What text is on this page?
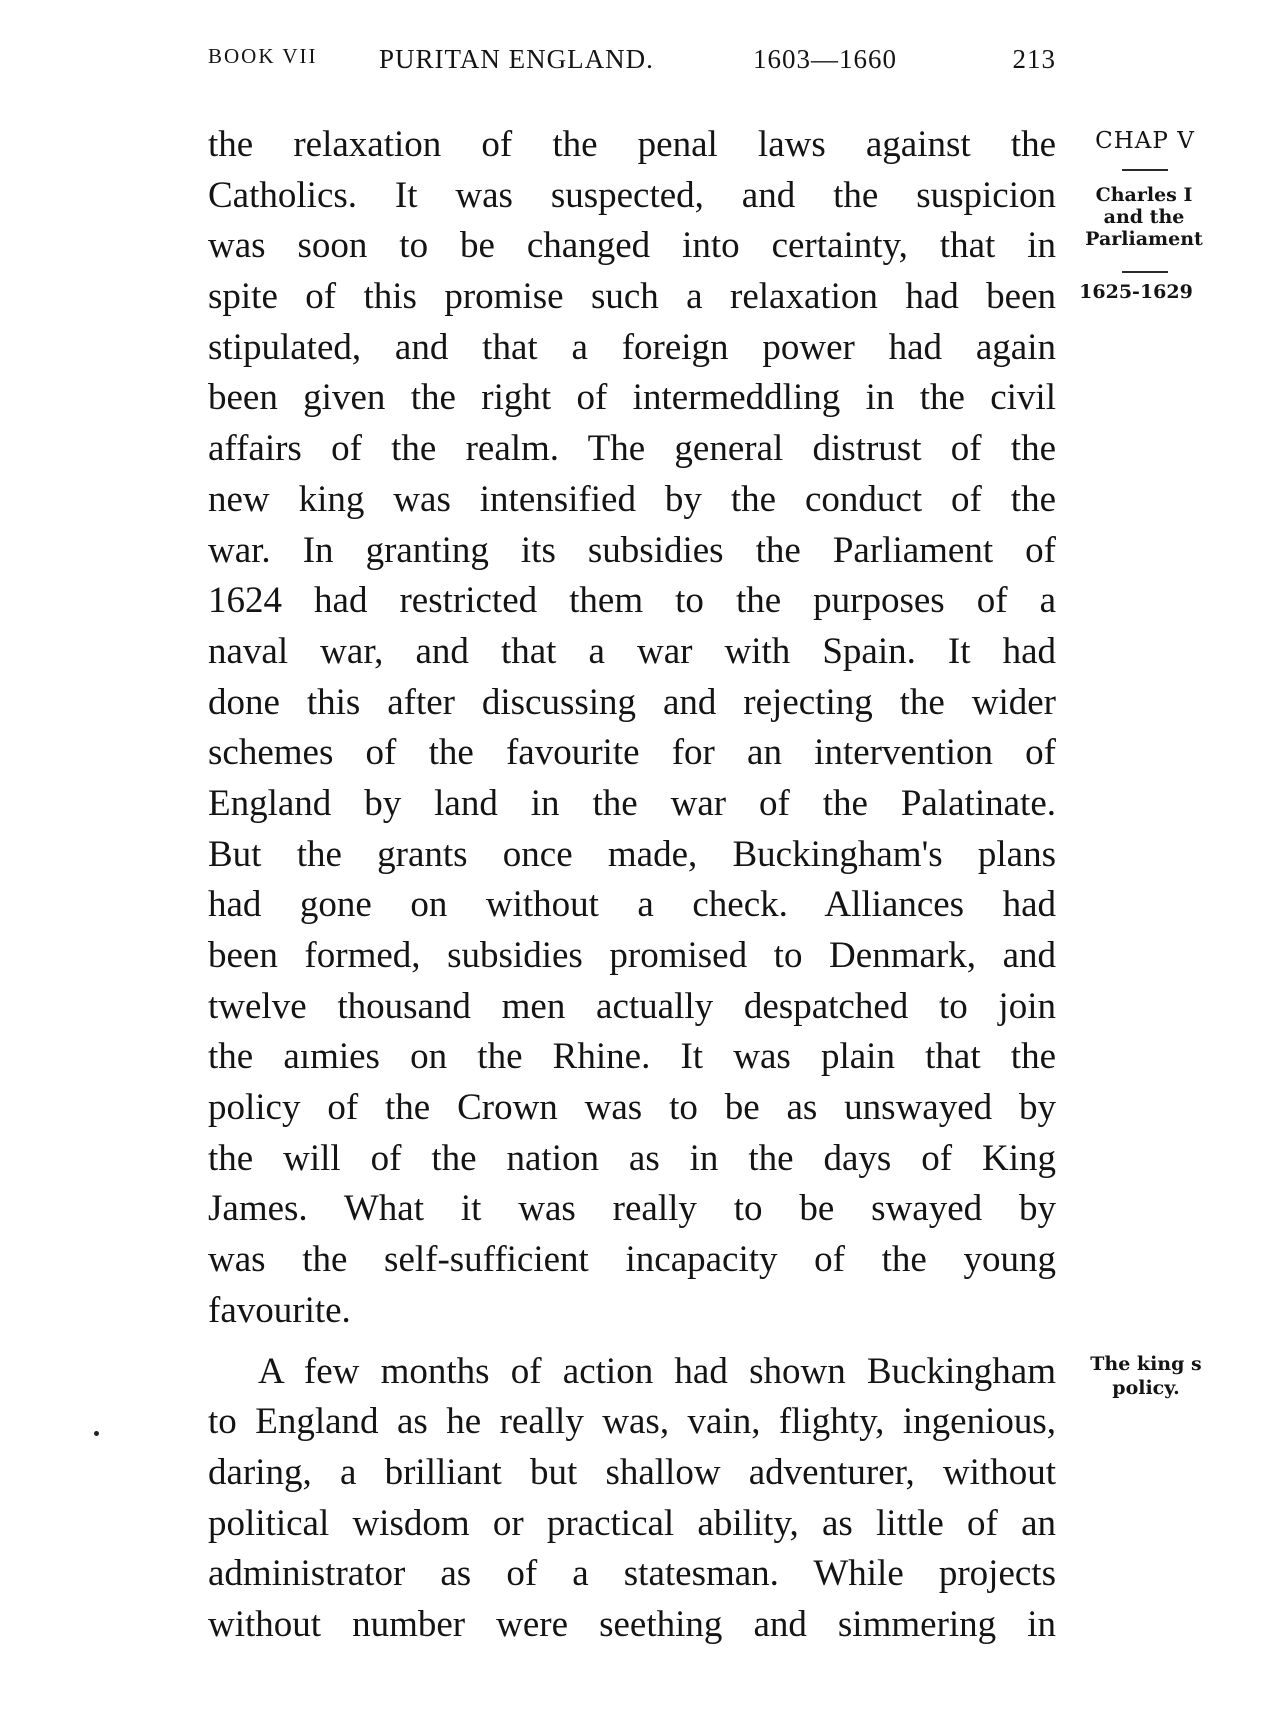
BOOK VII PURITAN ENGLAND.	1603—1660	213
CHAP V
Charles I
and the
Parliament
1625-1629
The king s
policy.
the relaxation of the penal laws against the
Catholics. It was suspected, and the suspicion
was soon to be changed into certainty, that in
spite of this promise such a relaxation had been
stipulated, and that a foreign power had again
been given the right of intermeddling in the civil
affairs of the realm. The general distrust of the
new king was intensified by the conduct of the
war. In granting its subsidies the Parliament of
1624 had restricted them to the purposes of a
naval war, and that a war with Spain. It had
done this after discussing and rejecting the wider
schemes of the favourite for an intervention of
England by land in the war of the Palatinate.
But the grants once made, Buckingham's plans
had gone on without a check. Alliances had
been formed, subsidies promised to Denmark, and
twelve thousand men actually despatched to join
the aımies on the Rhine. It was plain that the
policy of the Crown was to be as unswayed by
the will of the nation as in the days of King
James. What it was really to be swayed by
was the self-sufficient incapacity of the young
favourite.
A few months of action had shown Buckingham
to England as he really was, vain, flighty, ingenious,
daring, a brilliant but shallow adventurer, without
political wisdom or practical ability, as little of an
administrator as of a statesman. While projects
without number were seething and simmering in
